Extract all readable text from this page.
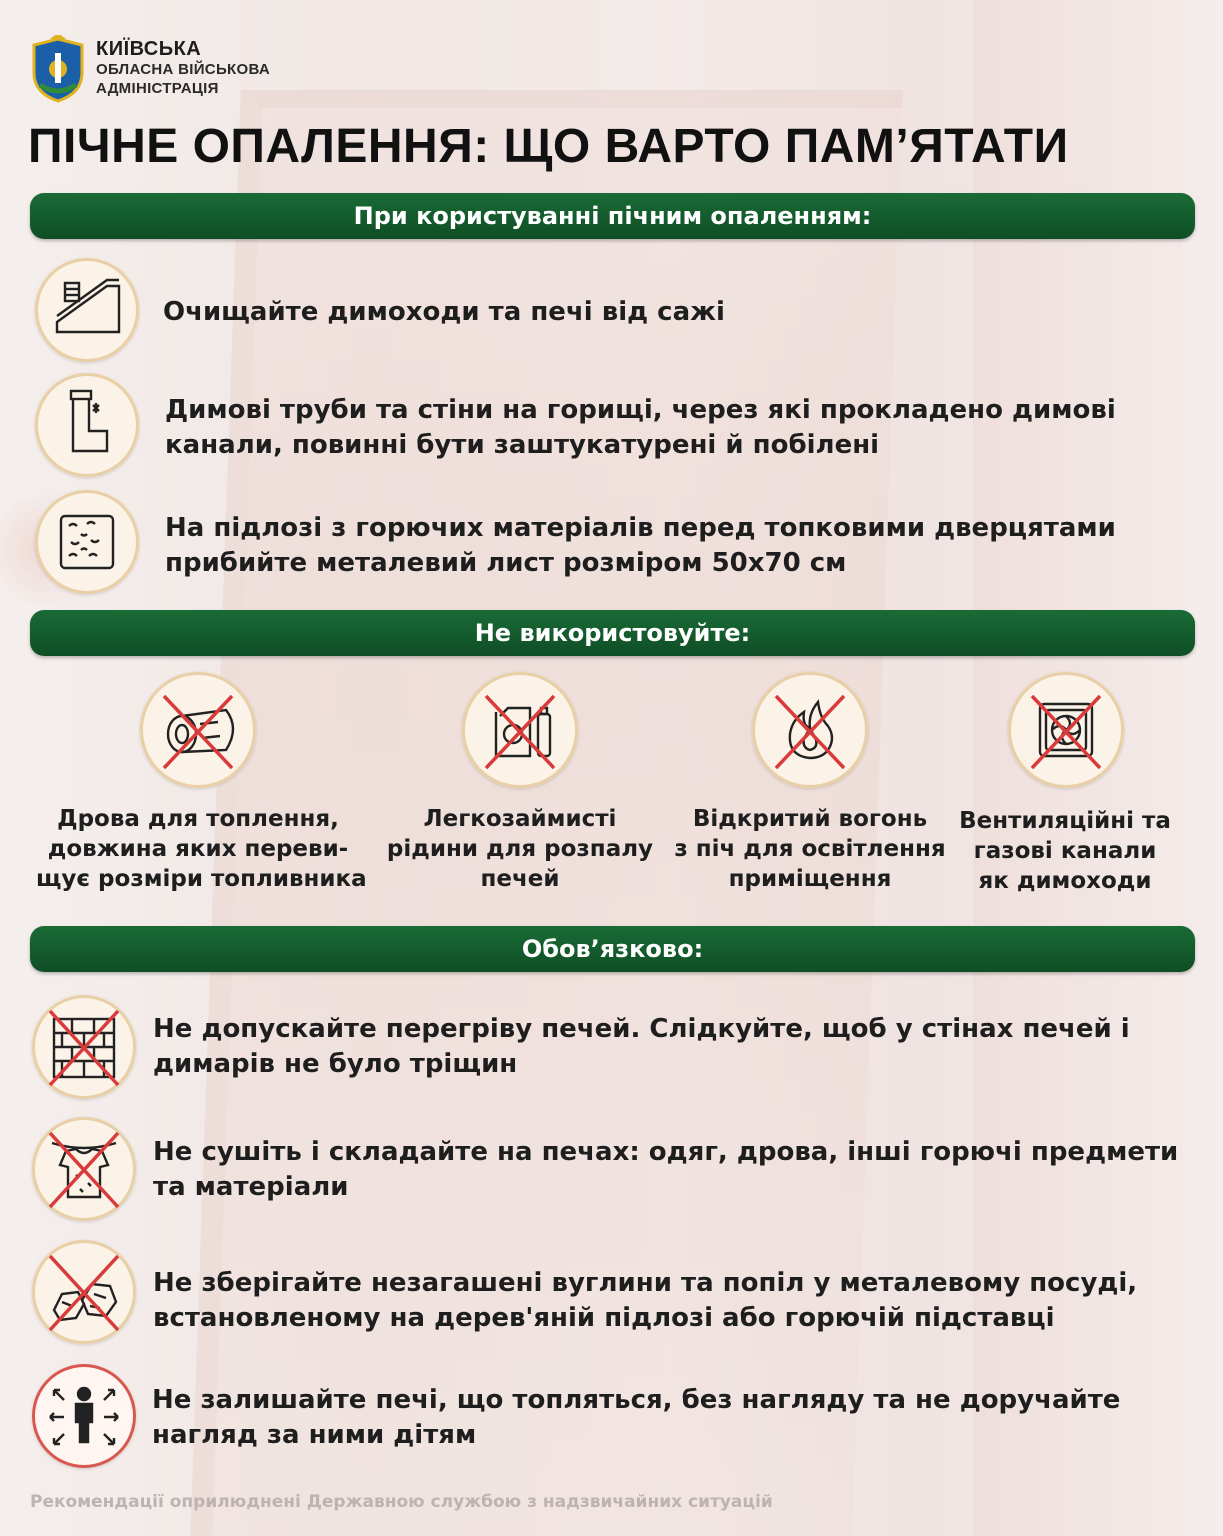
КИЇВСЬКА
ОБЛАСНА ВІЙСЬКОВА
АДМІНІСТРАЦІЯ
ПІЧНЕ ОПАЛЕННЯ: ЩО ВАРТО ПАМ’ЯТАТИ
При користуванні пічним опаленням:
Очищайте димоходи та печі від сажі
Димові труби та стіни на горищі, через які прокладено димові
канали, повинні бути заштукатурені й побілені
На підлозі з горючих матеріалів перед топковими дверцятами
прибийте металевий лист розміром 50х70 см
Не використовуйте:
Дрова для топлення,
довжина яких переви-
щує розміри топливника
Легкозаймисті
рідини для розпалу
печей
Відкритий вогонь
з піч для освітлення
приміщення
Вентиляційні та
газові канали
як димоходи
Обов’язково:
Не допускайте перегріву печей. Слідкуйте, щоб у стінах печей і
димарів не було тріщин
Не сушіть і складайте на печах: одяг, дрова, інші горючі предмети
та матеріали
Не зберігайте незагашені вуглини та попіл у металевому посуді,
встановленому на дерев'яній підлозі або горючій підставці
Не залишайте печі, що топляться, без нагляду та не доручайте
нагляд за ними дітям
Рекомендації оприлюднені Державною службою з надзвичайних ситуацій
